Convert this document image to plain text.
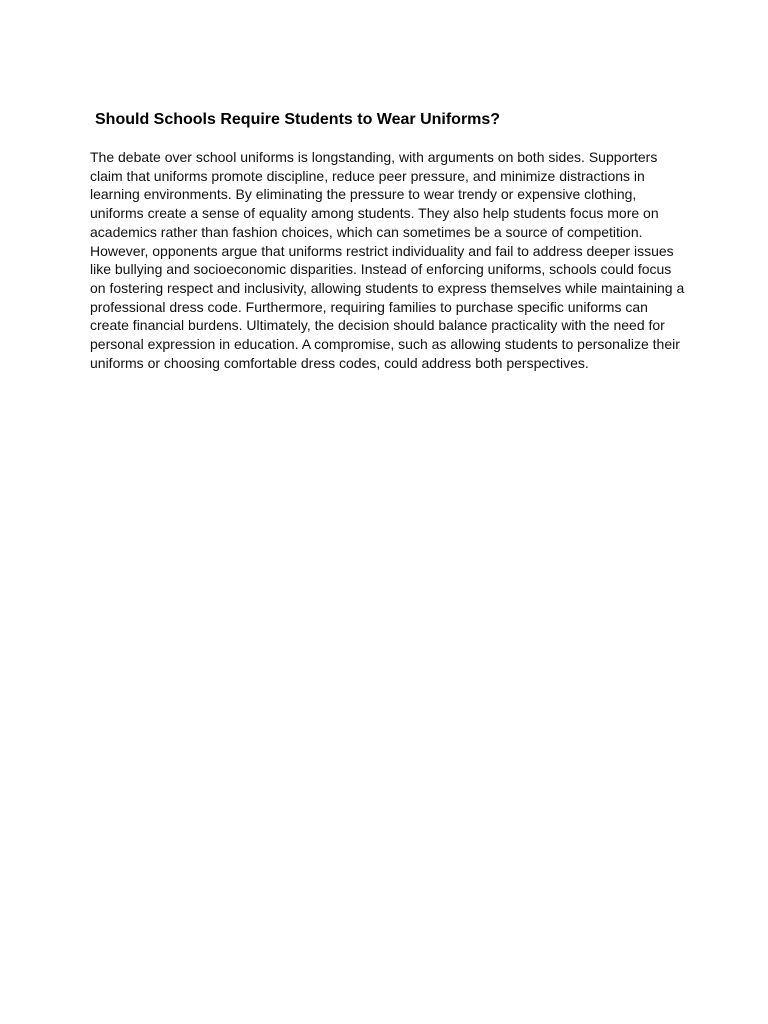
Should Schools Require Students to Wear Uniforms?

The debate over school uniforms is longstanding, with arguments on both sides. Supporters
claim that uniforms promote discipline, reduce peer pressure, and minimize distractions in
learning environments. By eliminating the pressure to wear trendy or expensive clothing,
uniforms create a sense of equality among students. They also help students focus more on
academics rather than fashion choices, which can sometimes be a source of competition.
However, opponents argue that uniforms restrict individuality and fail to address deeper issues
like bullying and socioeconomic disparities. Instead of enforcing uniforms, schools could focus
on fostering respect and inclusivity, allowing students to express themselves while maintaining a
professional dress code. Furthermore, requiring families to purchase specific uniforms can
create financial burdens. Ultimately, the decision should balance practicality with the need for
personal expression in education. A compromise, such as allowing students to personalize their
uniforms or choosing comfortable dress codes, could address both perspectives.
